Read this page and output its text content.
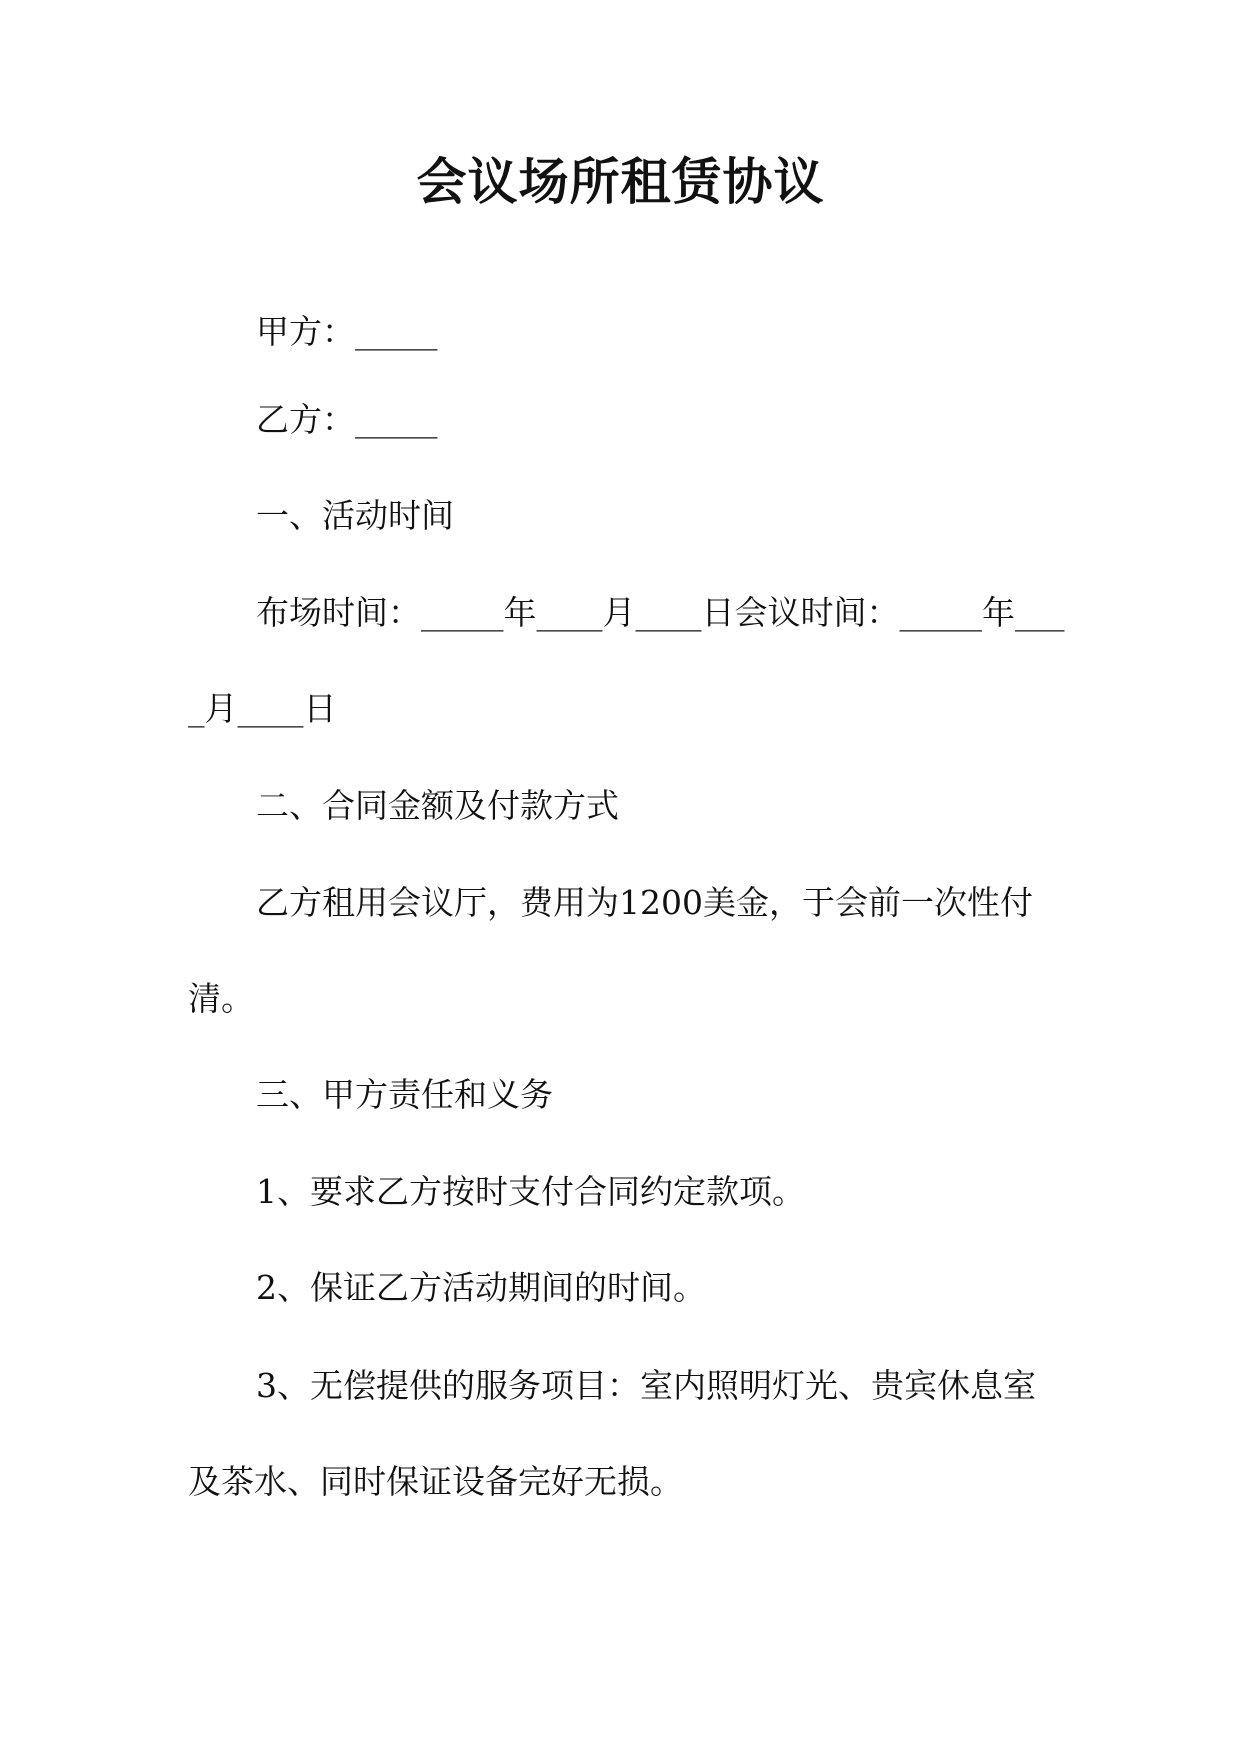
会议场所租赁协议

甲方：_____

乙方：_____

一、活动时间

布场时间：_____年____月____日会议时间：_____年____月____日

二、合同金额及付款方式

乙方租用会议厅，费用为1200美金，于会前一次性付清。

三、甲方责任和义务

1、要求乙方按时支付合同约定款项。

2、保证乙方活动期间的时间。

3、无偿提供的服务项目：室内照明灯光、贵宾休息室及茶水、同时保证设备完好无损。
